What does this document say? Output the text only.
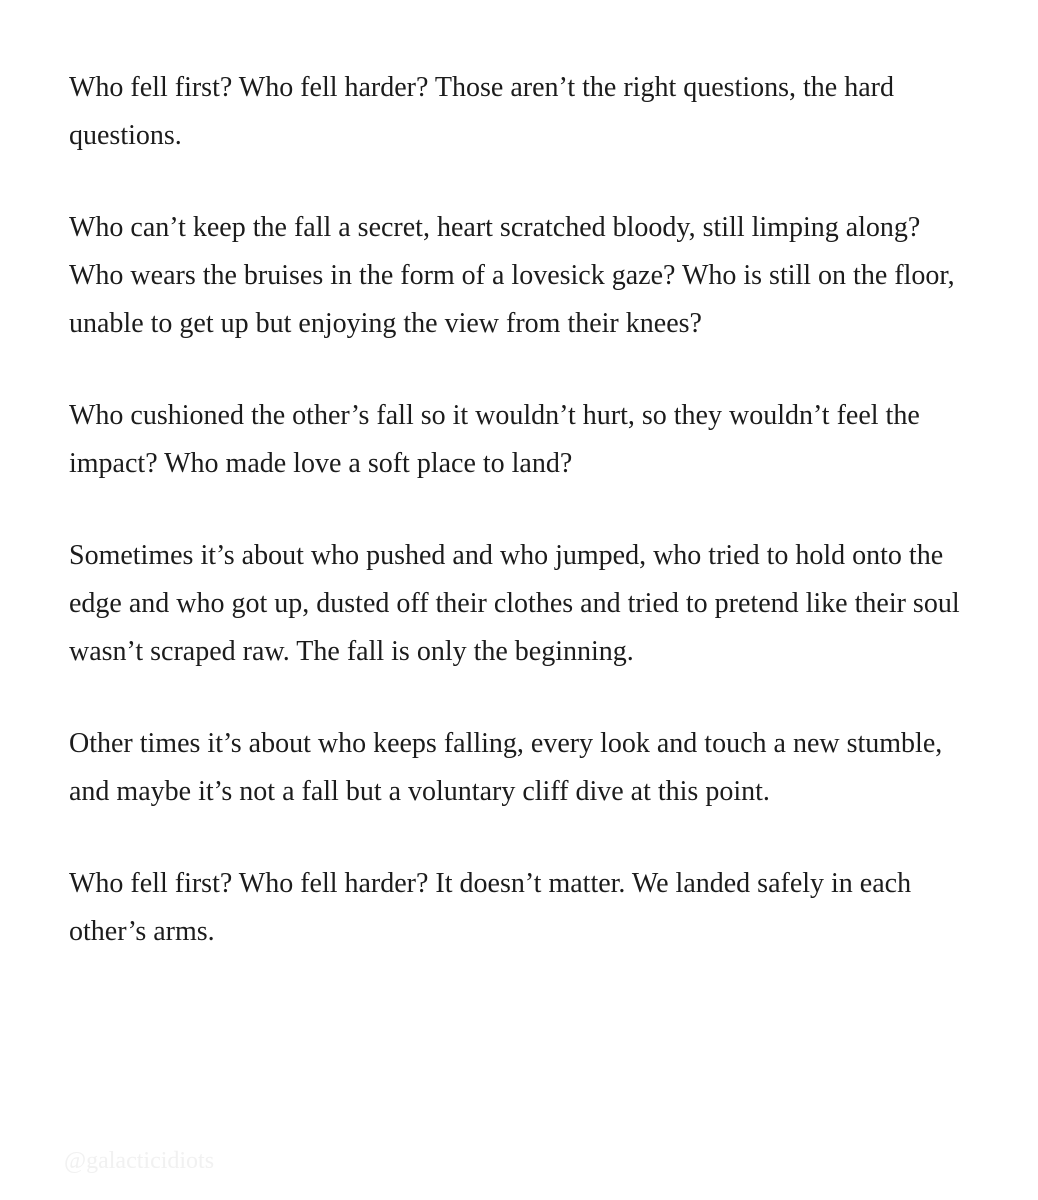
Who fell first? Who fell harder? Those aren’t the right questions, the hard questions.

Who can’t keep the fall a secret, heart scratched bloody, still limping along? Who wears the bruises in the form of a lovesick gaze? Who is still on the floor, unable to get up but enjoying the view from their knees?

Who cushioned the other’s fall so it wouldn’t hurt, so they wouldn’t feel the impact? Who made love a soft place to land?

Sometimes it’s about who pushed and who jumped, who tried to hold onto the edge and who got up, dusted off their clothes and tried to pretend like their soul wasn’t scraped raw. The fall is only the beginning.

Other times it’s about who keeps falling, every look and touch a new stumble, and maybe it’s not a fall but a voluntary cliff dive at this point.

Who fell first? Who fell harder? It doesn’t matter. We landed safely in each other’s arms.

@galacticidiots
